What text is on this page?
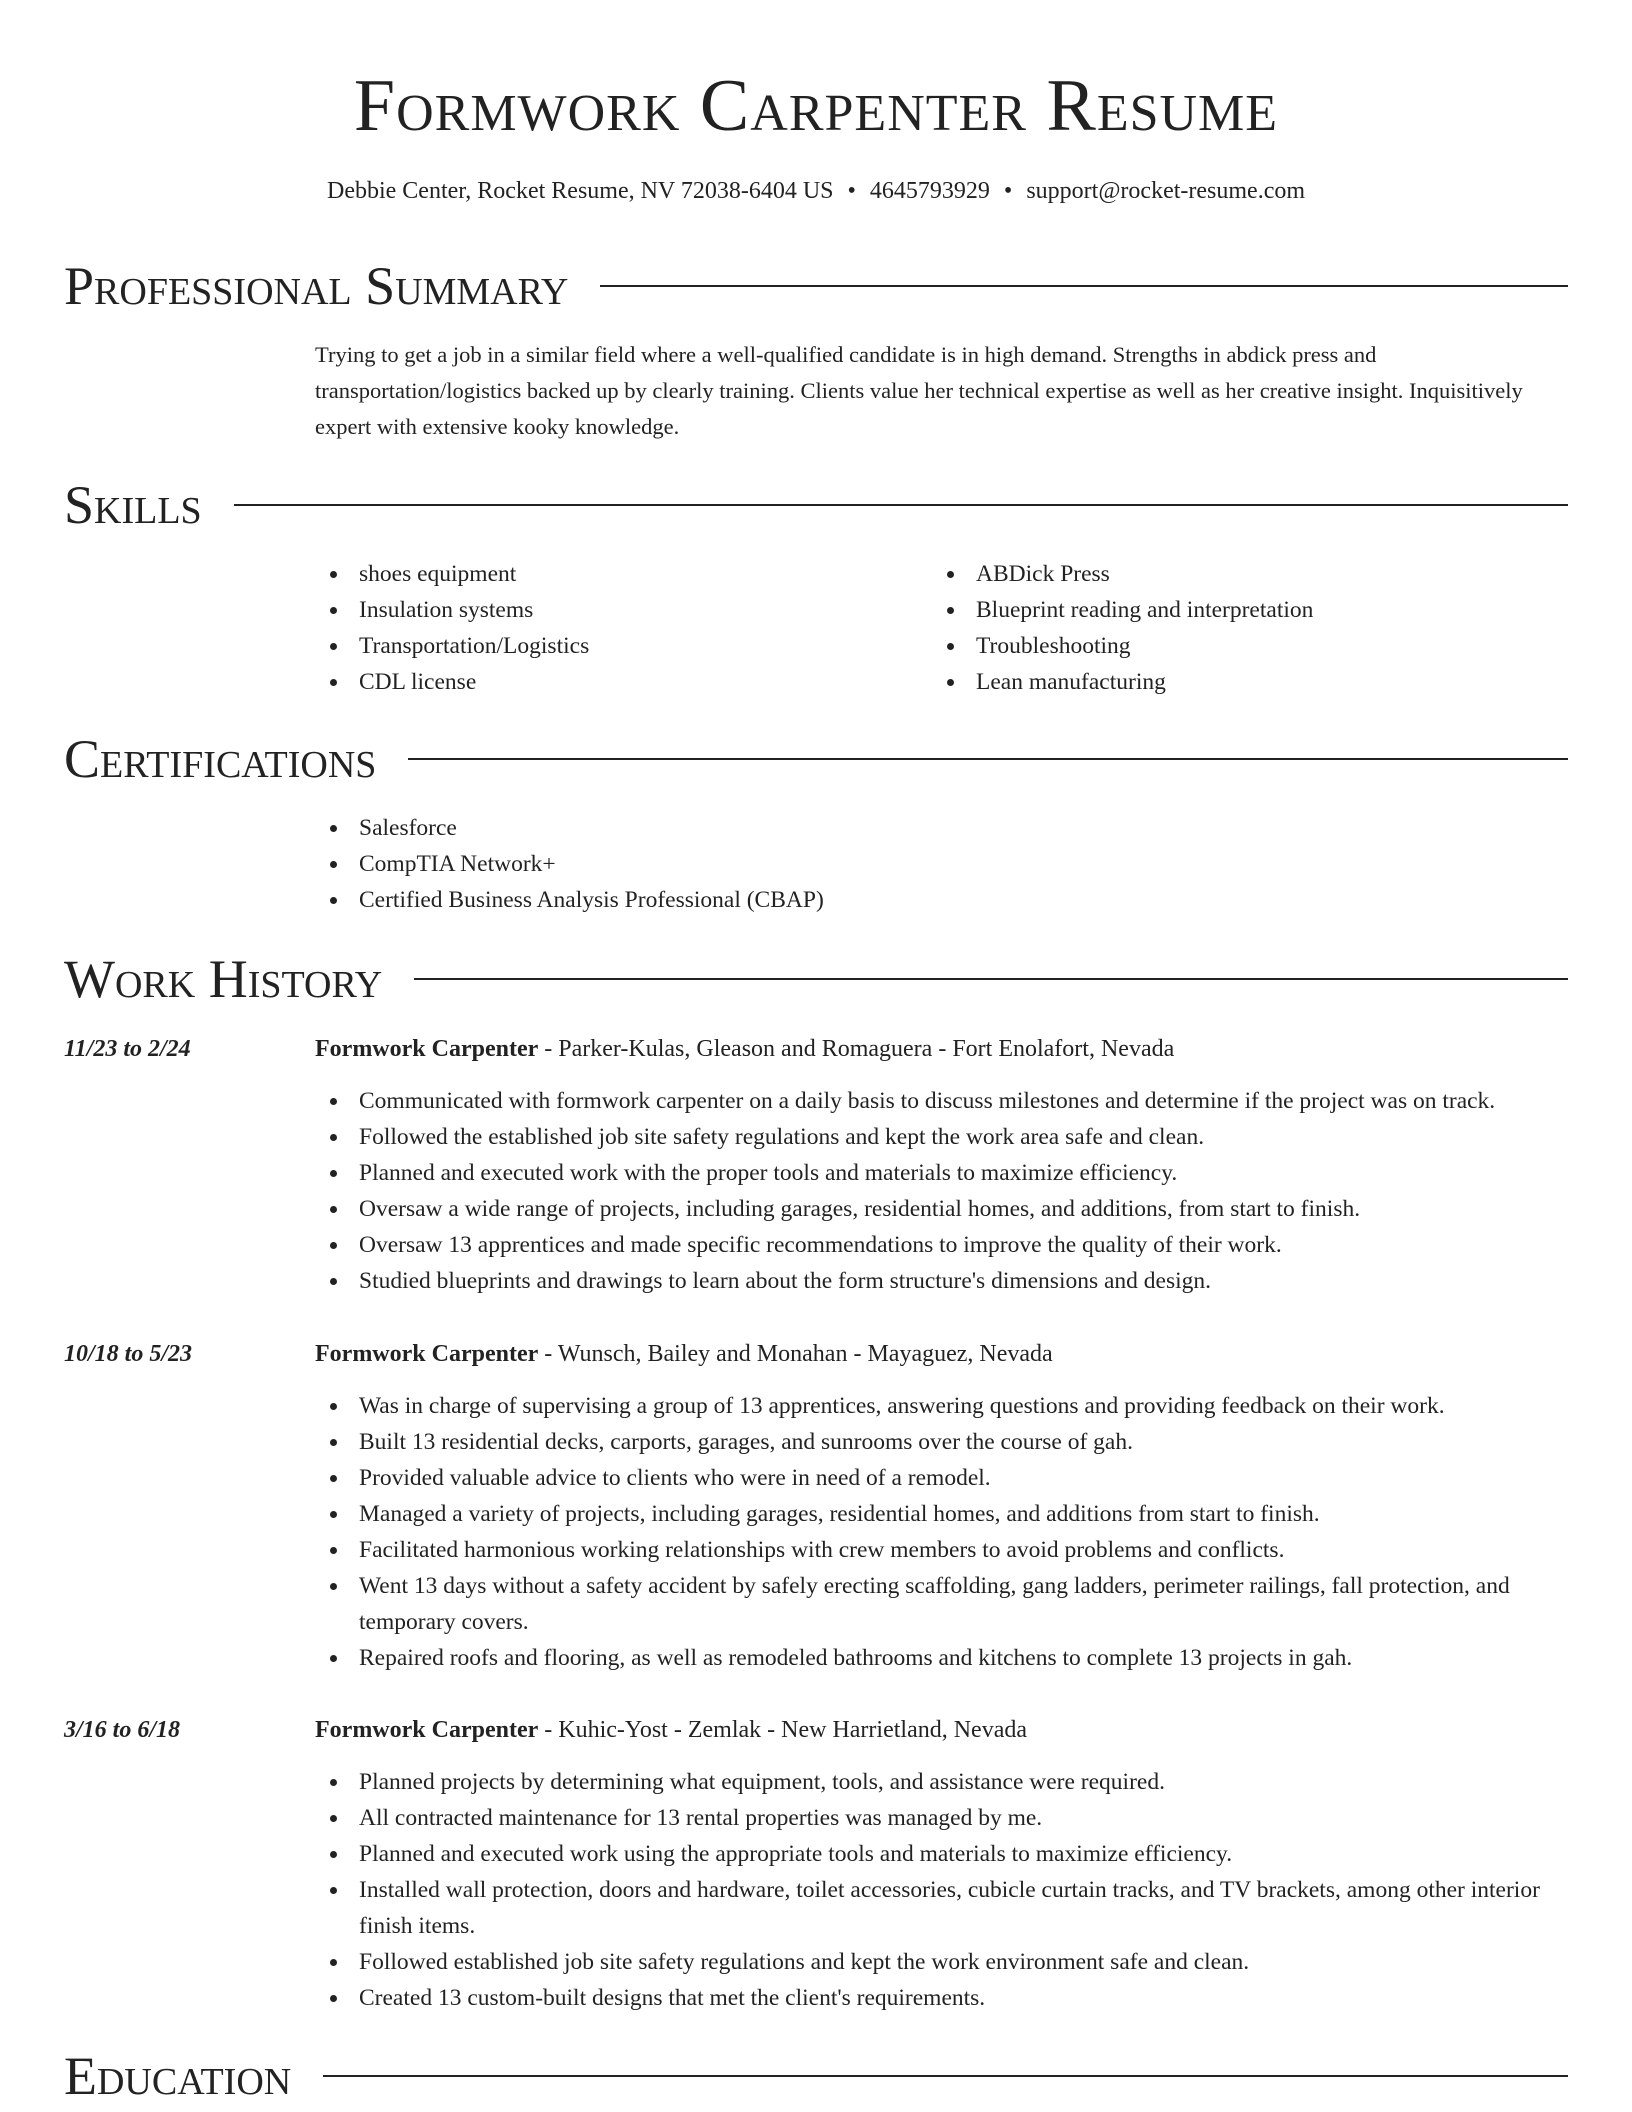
Formwork Carpenter Resume
Debbie Center, Rocket Resume, NV 72038-6404 US • 4645793929 • support@rocket-resume.com
Professional Summary

Trying to get a job in a similar field where a well-qualified candidate is in high demand. Strengths in abdick press and transportation/logistics backed up by clearly training. Clients value her technical expertise as well as her creative insight. Inquisitively expert with extensive kooky knowledge.

Skills
shoes equipment
Insulation systems
Transportation/Logistics
CDL license
ABDick Press
Blueprint reading and interpretation
Troubleshooting
Lean manufacturing
Certifications
Salesforce
CompTIA Network+
Certified Business Analysis Professional (CBAP)
Work History
11/23 to 2/24	Formwork Carpenter - Parker-Kulas, Gleason and Romaguera - Fort Enolafort, Nevada
Communicated with formwork carpenter on a daily basis to discuss milestones and determine if the project was on track.
Followed the established job site safety regulations and kept the work area safe and clean.
Planned and executed work with the proper tools and materials to maximize efficiency.
Oversaw a wide range of projects, including garages, residential homes, and additions, from start to finish.
Oversaw 13 apprentices and made specific recommendations to improve the quality of their work.
Studied blueprints and drawings to learn about the form structure's dimensions and design.
10/18 to 5/23	Formwork Carpenter - Wunsch, Bailey and Monahan - Mayaguez, Nevada
Was in charge of supervising a group of 13 apprentices, answering questions and providing feedback on their work.
Built 13 residential decks, carports, garages, and sunrooms over the course of gah.
Provided valuable advice to clients who were in need of a remodel.
Managed a variety of projects, including garages, residential homes, and additions from start to finish.
Facilitated harmonious working relationships with crew members to avoid problems and conflicts.
Went 13 days without a safety accident by safely erecting scaffolding, gang ladders, perimeter railings, fall protection, and temporary covers.
Repaired roofs and flooring, as well as remodeled bathrooms and kitchens to complete 13 projects in gah.
3/16 to 6/18	Formwork Carpenter - Kuhic-Yost - Zemlak - New Harrietland, Nevada
Planned projects by determining what equipment, tools, and assistance were required.
All contracted maintenance for 13 rental properties was managed by me.
Planned and executed work using the appropriate tools and materials to maximize efficiency.
Installed wall protection, doors and hardware, toilet accessories, cubicle curtain tracks, and TV brackets, among other interior finish items.
Followed established job site safety regulations and kept the work environment safe and clean.
Created 13 custom-built designs that met the client's requirements.
Education
